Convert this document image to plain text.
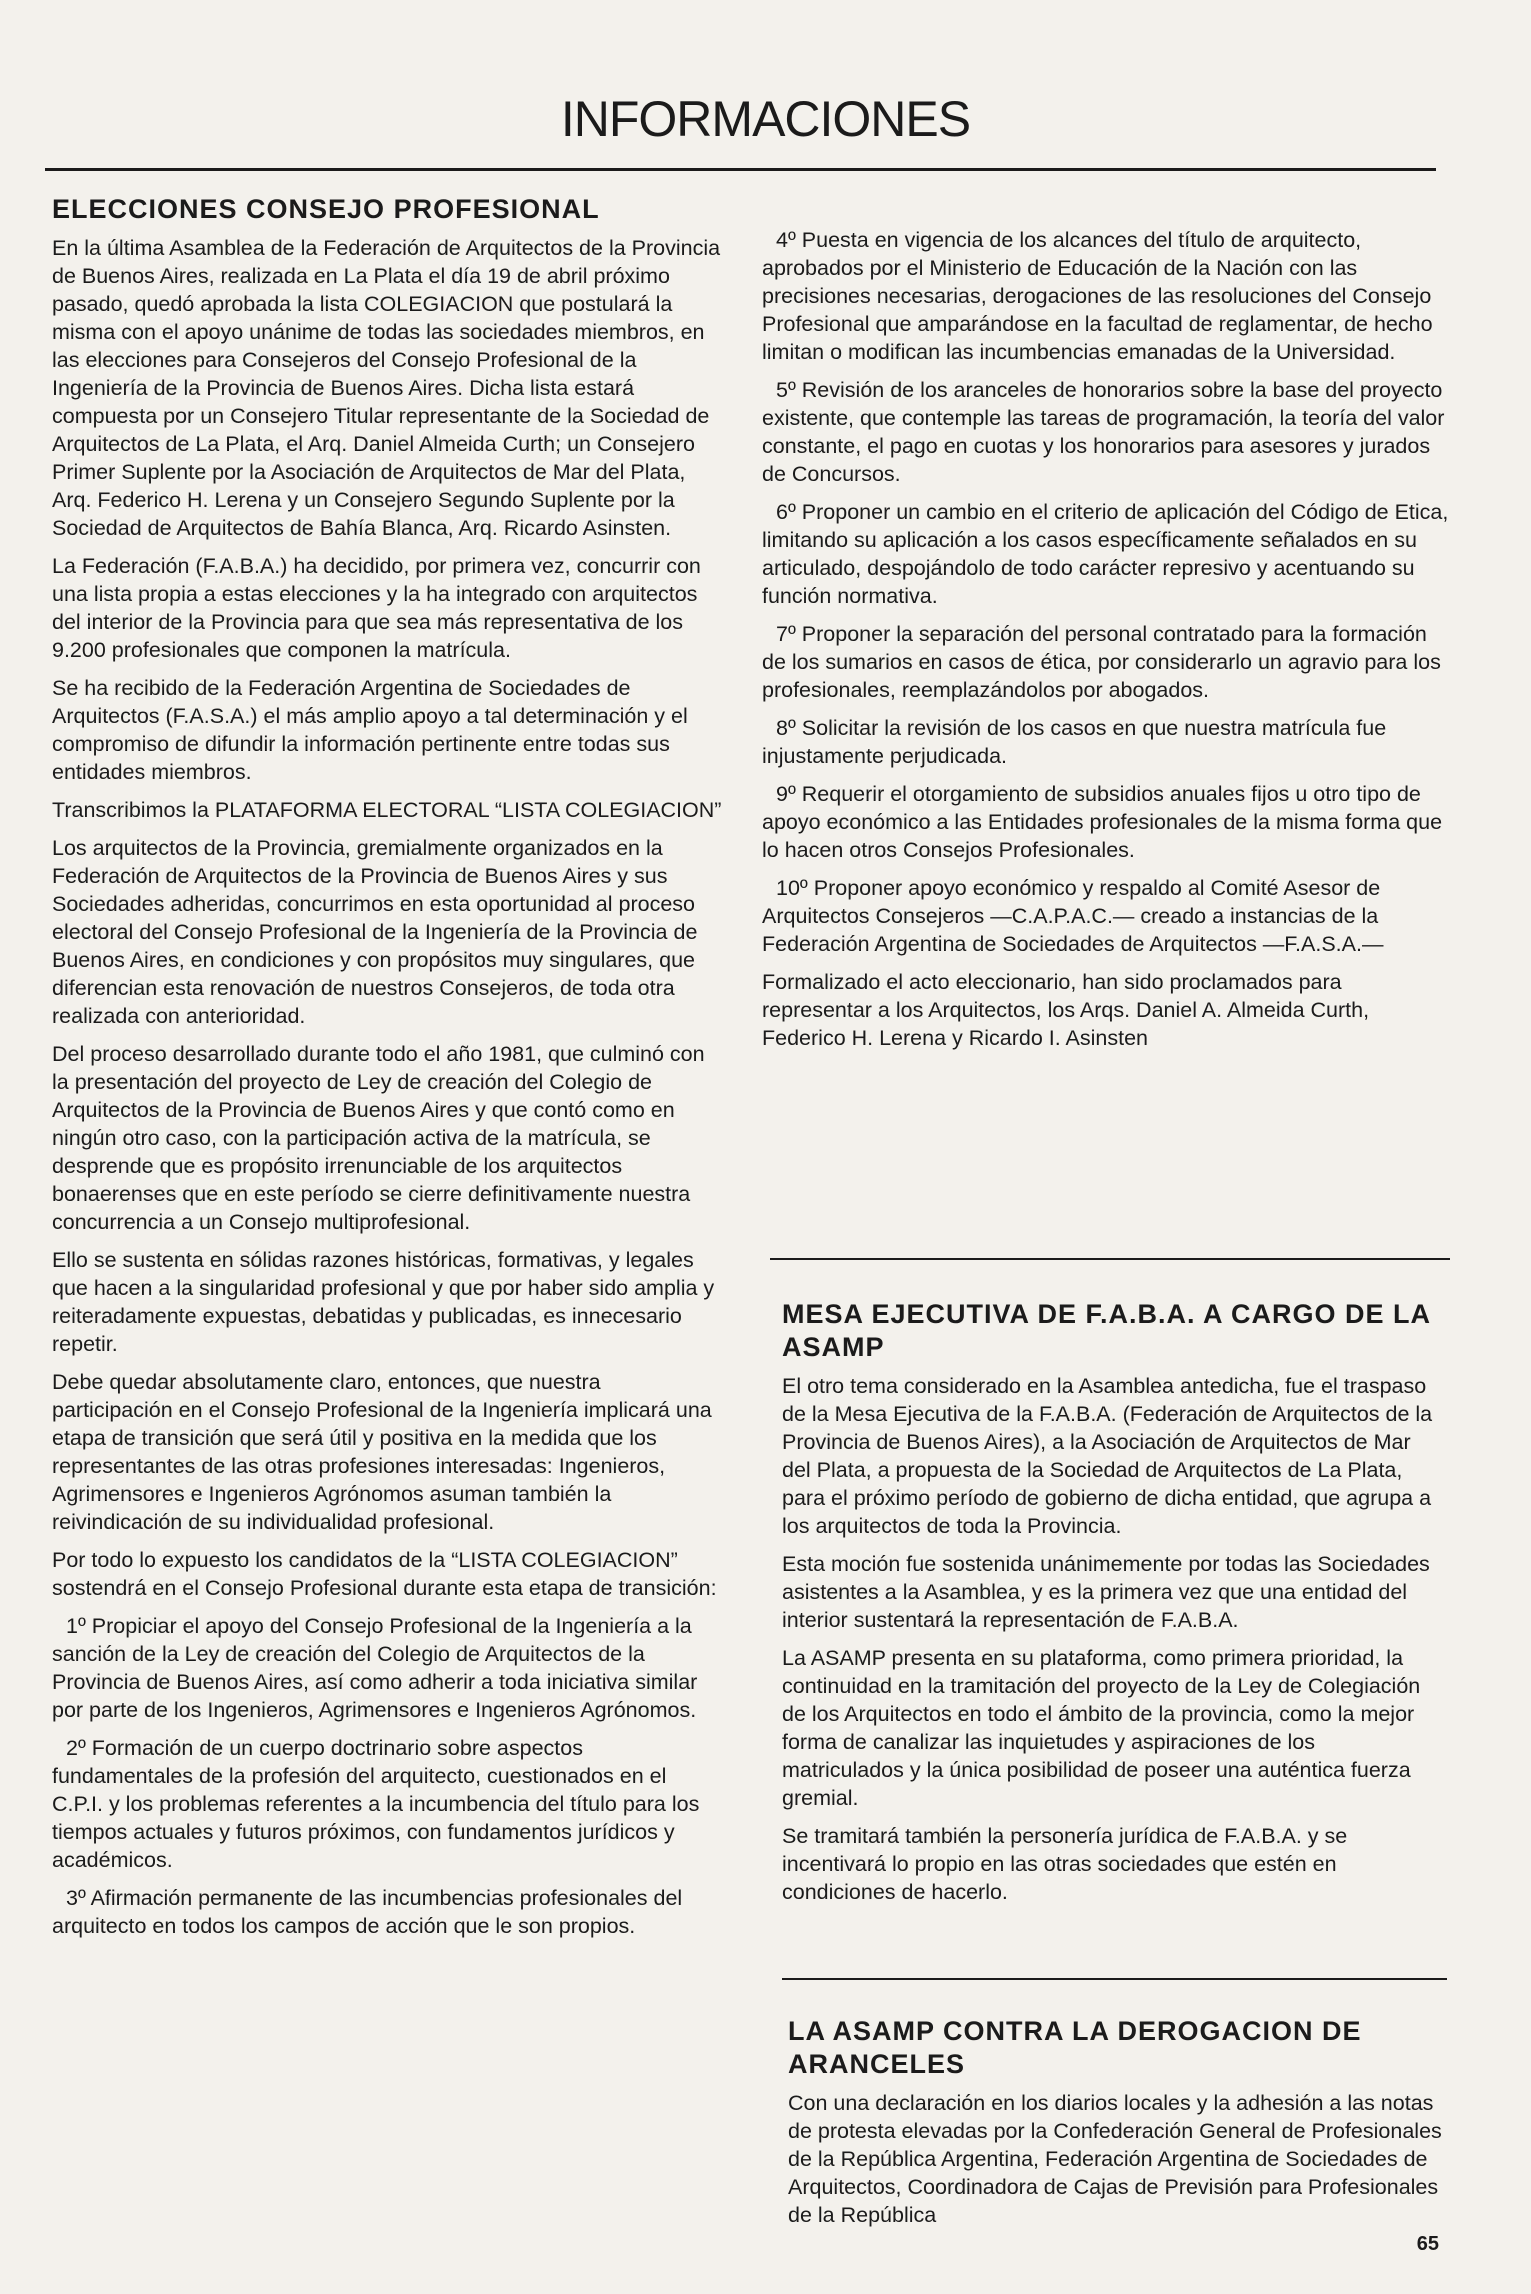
INFORMACIONES
ELECCIONES CONSEJO PROFESIONAL

En la última Asamblea de la Federación de Arquitectos de la Provincia de Buenos Aires, realizada en La Plata el día 19 de abril próximo pasado, quedó aprobada la lista COLEGIACION que postulará la misma con el apoyo unánime de todas las sociedades miembros, en las elecciones para Consejeros del Consejo Profesional de la Ingeniería de la Provincia de Buenos Aires. Dicha lista estará compuesta por un Consejero Titular representante de la Sociedad de Arquitectos de La Plata, el Arq. Daniel Almeida Curth; un Consejero Primer Suplente por la Asociación de Arquitectos de Mar del Plata, Arq. Federico H. Lerena y un Consejero Segundo Suplente por la Sociedad de Arquitectos de Bahía Blanca, Arq. Ricardo Asinsten.

La Federación (F.A.B.A.) ha decidido, por primera vez, concurrir con una lista propia a estas elecciones y la ha integrado con arquitectos del interior de la Provincia para que sea más representativa de los 9.200 profesionales que componen la matrícula.

Se ha recibido de la Federación Argentina de Sociedades de Arquitectos (F.A.S.A.) el más amplio apoyo a tal determinación y el compromiso de difundir la información pertinente entre todas sus entidades miembros.

Transcribimos la PLATAFORMA ELECTORAL “LISTA COLEGIACION”

Los arquitectos de la Provincia, gremialmente organizados en la Federación de Arquitectos de la Provincia de Buenos Aires y sus Sociedades adheridas, concurrimos en esta oportunidad al proceso electoral del Consejo Profesional de la Ingeniería de la Provincia de Buenos Aires, en condiciones y con propósitos muy singulares, que diferencian esta renovación de nuestros Consejeros, de toda otra realizada con anterioridad.

Del proceso desarrollado durante todo el año 1981, que culminó con la presentación del proyecto de Ley de creación del Colegio de Arquitectos de la Provincia de Buenos Aires y que contó como en ningún otro caso, con la participación activa de la matrícula, se desprende que es propósito irrenunciable de los arquitectos bonaerenses que en este período se cierre definitivamente nuestra concurrencia a un Consejo multiprofesional.

Ello se sustenta en sólidas razones históricas, formativas, y legales que hacen a la singularidad profesional y que por haber sido amplia y reiteradamente expuestas, debatidas y publicadas, es innecesario repetir.

Debe quedar absolutamente claro, entonces, que nuestra participación en el Consejo Profesional de la Ingeniería implicará una etapa de transición que será útil y positiva en la medida que los representantes de las otras profesiones interesadas: Ingenieros, Agrimensores e Ingenieros Agrónomos asuman también la reivindicación de su individualidad profesional.

Por todo lo expuesto los candidatos de la “LISTA COLEGIACION” sostendrá en el Consejo Profesional durante esta etapa de transición:

1º Propiciar el apoyo del Consejo Profesional de la Ingeniería a la sanción de la Ley de creación del Colegio de Arquitectos de la Provincia de Buenos Aires, así como adherir a toda iniciativa similar por parte de los Ingenieros, Agrimensores e Ingenieros Agrónomos.

2º Formación de un cuerpo doctrinario sobre aspectos fundamentales de la profesión del arquitecto, cuestionados en el C.P.I. y los problemas referentes a la incumbencia del título para los tiempos actuales y futuros próximos, con fundamentos jurídicos y académicos.

3º Afirmación permanente de las incumbencias profesionales del arquitecto en todos los campos de acción que le son propios.

4º Puesta en vigencia de los alcances del título de arquitecto, aprobados por el Ministerio de Educación de la Nación con las precisiones necesarias, derogaciones de las resoluciones del Consejo Profesional que amparándose en la facultad de reglamentar, de hecho limitan o modifican las incumbencias emanadas de la Universidad.

5º Revisión de los aranceles de honorarios sobre la base del proyecto existente, que contemple las tareas de programación, la teoría del valor constante, el pago en cuotas y los honorarios para asesores y jurados de Concursos.

6º Proponer un cambio en el criterio de aplicación del Código de Etica, limitando su aplicación a los casos específicamente señalados en su articulado, despojándolo de todo carácter represivo y acentuando su función normativa.

7º Proponer la separación del personal contratado para la formación de los sumarios en casos de ética, por considerarlo un agravio para los profesionales, reemplazándolos por abogados.

8º Solicitar la revisión de los casos en que nuestra matrícula fue injustamente perjudicada.

9º Requerir el otorgamiento de subsidios anuales fijos u otro tipo de apoyo económico a las Entidades profesionales de la misma forma que lo hacen otros Consejos Profesionales.

10º Proponer apoyo económico y respaldo al Comité Asesor de Arquitectos Consejeros —C.A.P.A.C.— creado a instancias de la Federación Argentina de Sociedades de Arquitectos —F.A.S.A.—

Formalizado el acto eleccionario, han sido proclamados para representar a los Arquitectos, los Arqs. Daniel A. Almeida Curth, Federico H. Lerena y Ricardo I. Asinsten

MESA EJECUTIVA DE F.A.B.A. A CARGO DE LA ASAMP

El otro tema considerado en la Asamblea antedicha, fue el traspaso de la Mesa Ejecutiva de la F.A.B.A. (Federación de Arquitectos de la Provincia de Buenos Aires), a la Asociación de Arquitectos de Mar del Plata, a propuesta de la Sociedad de Arquitectos de La Plata, para el próximo período de gobierno de dicha entidad, que agrupa a los arquitectos de toda la Provincia.

Esta moción fue sostenida unánimemente por todas las Sociedades asistentes a la Asamblea, y es la primera vez que una entidad del interior sustentará la representación de F.A.B.A.

La ASAMP presenta en su plataforma, como primera prioridad, la continuidad en la tramitación del proyecto de la Ley de Colegiación de los Arquitectos en todo el ámbito de la provincia, como la mejor forma de canalizar las inquietudes y aspiraciones de los matriculados y la única posibilidad de poseer una auténtica fuerza gremial.

Se tramitará también la personería jurídica de F.A.B.A. y se incentivará lo propio en las otras sociedades que estén en condiciones de hacerlo.

LA ASAMP CONTRA LA DEROGACION DE ARANCELES

Con una declaración en los diarios locales y la adhesión a las notas de protesta elevadas por la Confederación General de Profesionales de la República Argentina, Federación Argentina de Sociedades de Arquitectos, Coordinadora de Cajas de Previsión para Profesionales de la República

65
